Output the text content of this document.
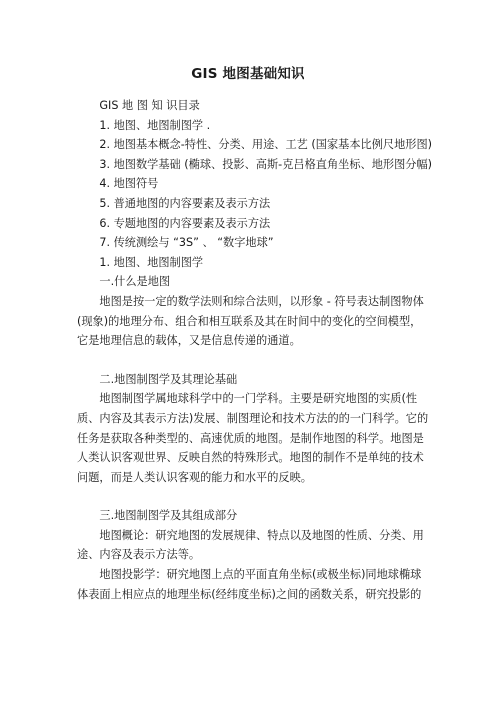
GIS 地图基础知识

GIS 地 图 知 识目录

1. 地图、地图制图学 .

2. 地图基本概念-特性、分类、用途、工艺 (国家基本比例尺地形图)

3. 地图数学基础 (椭球、投影、高斯-克吕格直角坐标、地形图分幅)

4. 地图符号

5. 普通地图的内容要素及表示方法

6. 专题地图的内容要素及表示方法

7. 传统测绘与 “3S” 、 “数字地球”

1. 地图、地图制图学

一.什么是地图

地图是按一定的数学法则和综合法则，以形象 - 符号表达制图物体(现象)的地理分布、组合和相互联系及其在时间中的变化的空间模型，它是地理信息的载体，又是信息传递的通道。

二.地图制图学及其理论基础

地图制图学属地球科学中的一门学科。主要是研究地图的实质(性质、内容及其表示方法)发展、制图理论和技术方法的的一门科学。它的任务是获取各种类型的、高速优质的地图。是制作地图的科学。地图是人类认识客观世界、反映自然的特殊形式。地图的制作不是单纯的技术问题，而是人类认识客观的能力和水平的反映。

三.地图制图学及其组成部分

地图概论：研究地图的发展规律、特点以及地图的性质、分类、用途、内容及表示方法等。

地图投影学：研究地图上点的平面直角坐标(或极坐标)同地球椭球体表面上相应点的地理坐标(经纬度坐标)之间的函数关系，研究投影的
